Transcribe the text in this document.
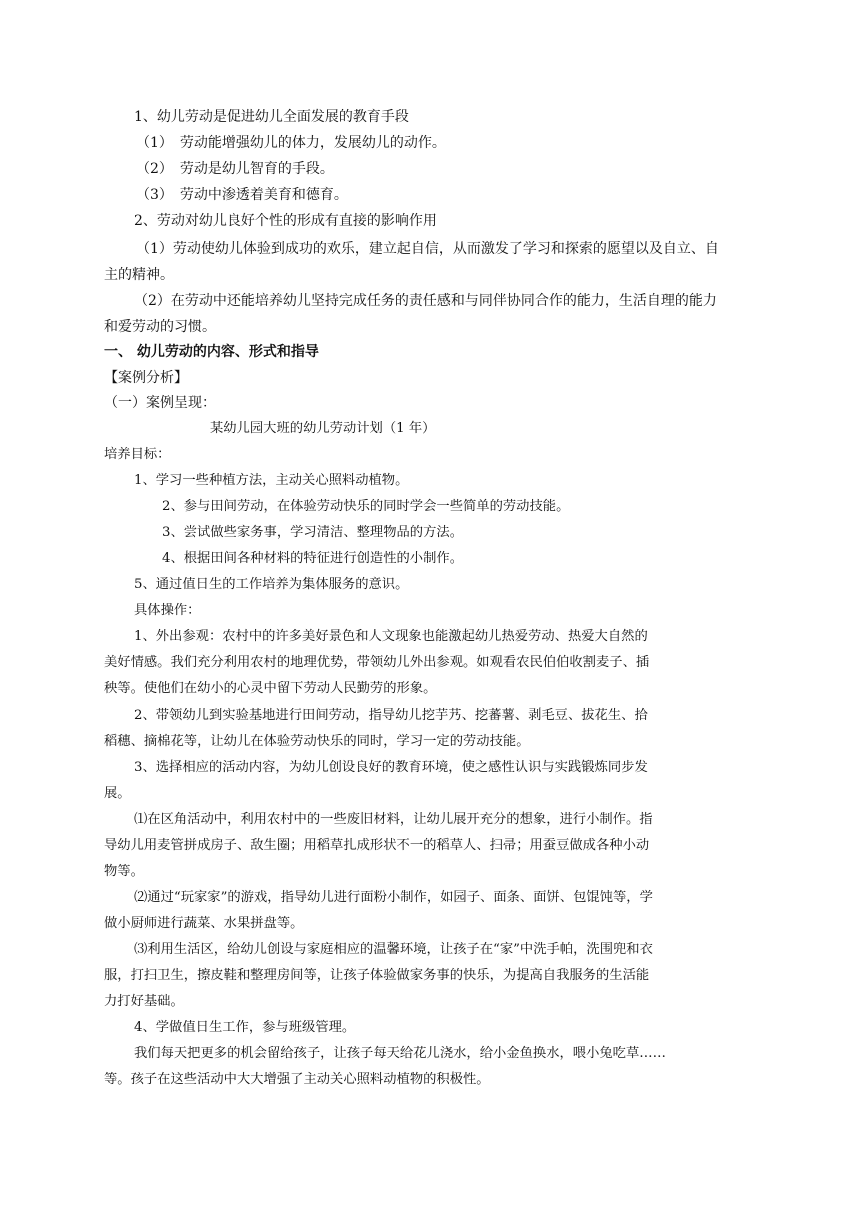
1、幼儿劳动是促进幼儿全面发展的教育手段
（1）　劳动能增强幼儿的体力，发展幼儿的动作。
（2）　劳动是幼儿智育的手段。
（3）　劳动中渗透着美育和德育。
2、劳动对幼儿良好个性的形成有直接的影响作用
（1）劳动使幼儿体验到成功的欢乐，建立起自信，从而激发了学习和探索的愿望以及自立、自
主的精神。
（2）在劳动中还能培养幼儿坚持完成任务的责任感和与同伴协同合作的能力，生活自理的能力
和爱劳动的习惯。
一、 幼儿劳动的内容、形式和指导
【案例分析】
（一）案例呈现：
某幼儿园大班的幼儿劳动计划（1 年）
培养目标：
1、学习一些种植方法，主动关心照料动植物。
2、参与田间劳动，在体验劳动快乐的同时学会一些简单的劳动技能。
3、尝试做些家务事，学习清洁、整理物品的方法。
4、根据田间各种材料的特征进行创造性的小制作。
5、通过值日生的工作培养为集体服务的意识。
具体操作：
1、外出参观：农村中的许多美好景色和人文现象也能激起幼儿热爱劳动、热爱大自然的
美好情感。我们充分利用农村的地理优势，带领幼儿外出参观。如观看农民伯伯收割麦子、插
秧等。使他们在幼小的心灵中留下劳动人民勤劳的形象。
2、带领幼儿到实验基地进行田间劳动，指导幼儿挖芋艿、挖蕃薯、剥毛豆、拔花生、拾
稻穗、摘棉花等，让幼儿在体验劳动快乐的同时，学习一定的劳动技能。
3、选择相应的活动内容，为幼儿创设良好的教育环境，使之感性认识与实践锻炼同步发
展。
⑴在区角活动中，利用农村中的一些废旧材料，让幼儿展开充分的想象，进行小制作。指
导幼儿用麦管拼成房子、敌生圈；用稻草扎成形状不一的稻草人、扫帚；用蚕豆做成各种小动
物等。
⑵通过“玩家家”的游戏，指导幼儿进行面粉小制作，如园子、面条、面饼、包馄饨等，学
做小厨师进行蔬菜、水果拼盘等。
⑶利用生活区，给幼儿创设与家庭相应的温馨环境，让孩子在“家”中洗手帕，洗围兜和衣
服，打扫卫生，擦皮鞋和整理房间等，让孩子体验做家务事的快乐，为提高自我服务的生活能
力打好基础。
4、学做值日生工作，参与班级管理。
我们每天把更多的机会留给孩子，让孩子每天给花儿浇水，给小金鱼换水，喂小兔吃草……
等。孩子在这些活动中大大增强了主动关心照料动植物的积极性。
